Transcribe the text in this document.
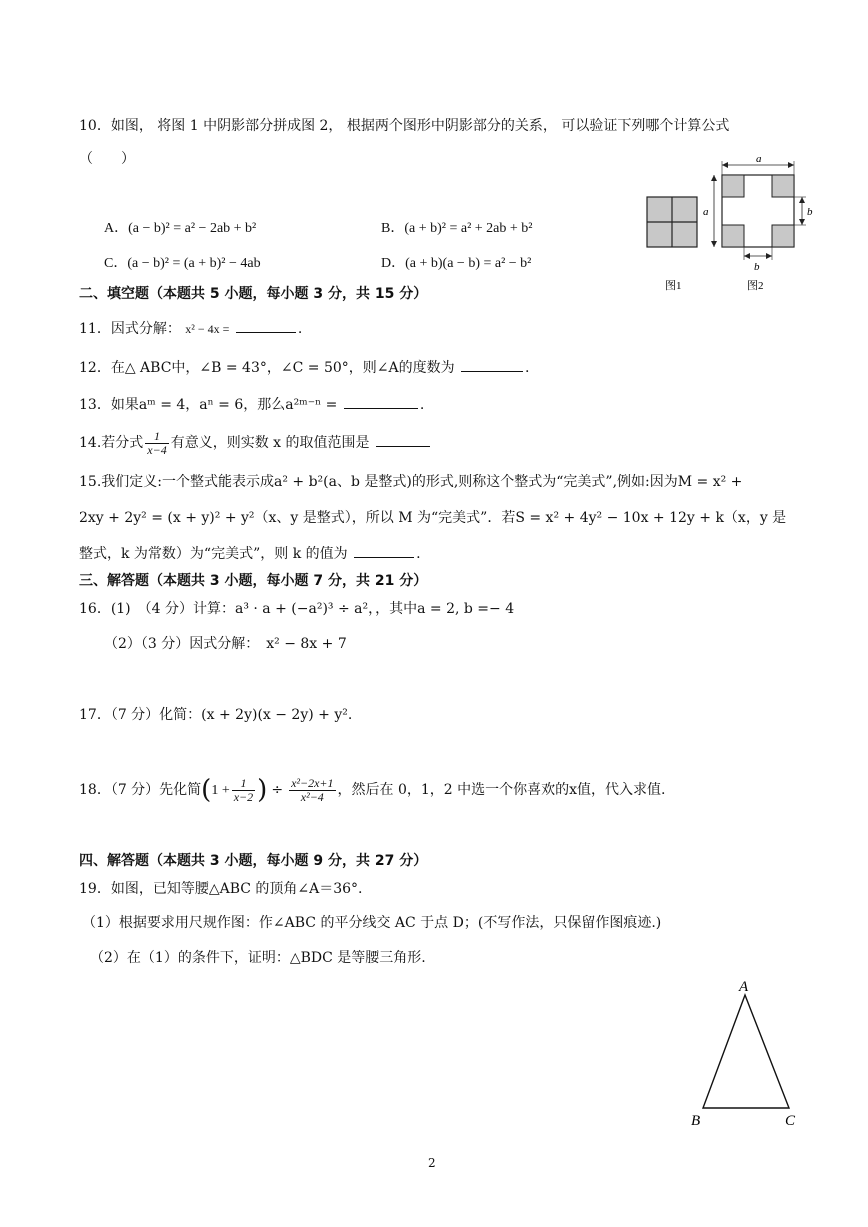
10．如图， 将图 1 中阴影部分拼成图 2， 根据两个图形中阴影部分的关系， 可以验证下列哪个计算公式
（　　）
A．(a − b)² = a² − 2ab + b²	B．(a + b)² = a² + 2ab + b²
C．(a − b)² = (a + b)² − 4ab	D．(a + b)(a − b) = a² − b²
a
a	b
b
图1	图2
二、填空题（本题共 5 小题，每小题 3 分，共 15 分）
11．因式分解： x² − 4x =	.
12．在△ ABC中，∠B = 43°，∠C = 50°，则∠A的度数为	.
13．如果aᵐ = 4，aⁿ = 6，那么a²ᵐ⁻ⁿ =	.
14.若分式 $\frac{1}{x-4}$ 有意义，则实数 x 的取值范围是
15.我们定义:一个整式能表示成a² + b²(a、b 是整式)的形式,则称这个整式为“完美式”,例如:因为M = x² +
2xy + 2y² = (x + y)² + y²（x、y 是整式），所以 M 为“完美式”．若S = x² + 4y² − 10x + 12y + k（x，y 是
整式，k 为常数）为“完美式”，则 k 的值为	.
三、解答题（本题共 3 小题，每小题 7 分，共 21 分）
16．(1)　（4 分）计算：a³ · a + (−a²)³ ÷ a²，，其中a = 2, b =− 4
（2）（3 分）因式分解：　x² − 8x + 7
17．（7 分）化简：(x + 2y)(x − 2y) + y².
18．（7 分）先化简($1 + \frac{1}{x-2}$ ) ÷ $\frac{\text{x²−2x+1}}{\text{x²−4}}$ ，然后在 0，1，2 中选一个你喜欢的x值，代入求值.
四、解答题（本题共 3 小题，每小题 9 分，共 27 分）
19．如图，已知等腰△ABC 的顶角∠A＝36°.
（1）根据要求用尺规作图：作∠ABC 的平分线交 AC 于点 D；(不写作法，只保留作图痕迹.)
（2）在（1）的条件下，证明：△BDC 是等腰三角形.
A
B	C
2
